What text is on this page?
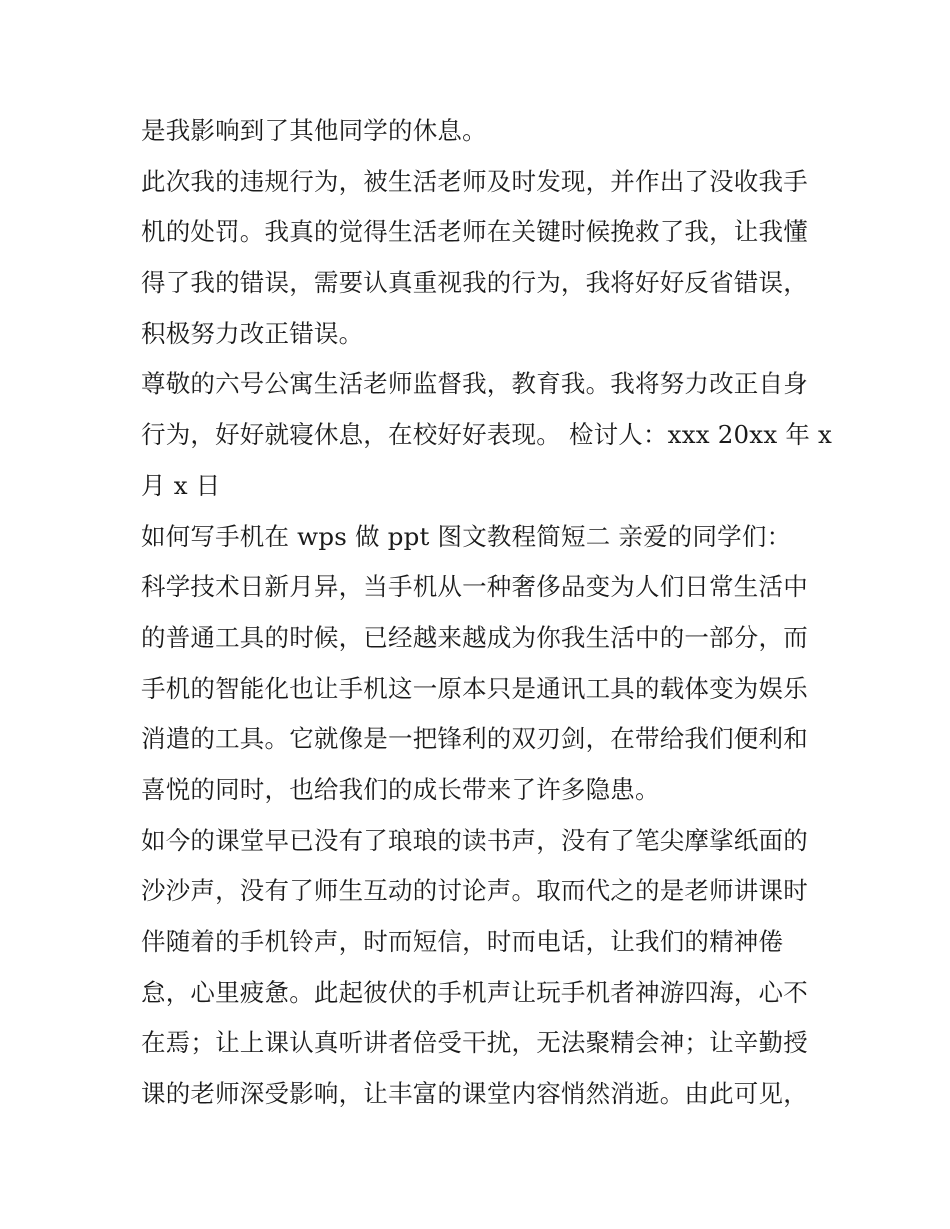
是我影响到了其他同学的休息。
此次我的违规行为，被生活老师及时发现，并作出了没收我手
机的处罚。我真的觉得生活老师在关键时候挽救了我，让我懂
得了我的错误，需要认真重视我的行为，我将好好反省错误，
积极努力改正错误。
尊敬的六号公寓生活老师监督我，教育我。我将努力改正自身
行为，好好就寝休息，在校好好表现。 检讨人：xxx 20xx 年 x
月 x 日
如何写手机在 wps 做 ppt 图文教程简短二 亲爱的同学们：
科学技术日新月异，当手机从一种奢侈品变为人们日常生活中
的普通工具的时候，已经越来越成为你我生活中的一部分，而
手机的智能化也让手机这一原本只是通讯工具的载体变为娱乐
消遣的工具。它就像是一把锋利的双刃剑，在带给我们便利和
喜悦的同时，也给我们的成长带来了许多隐患。
如今的课堂早已没有了琅琅的读书声，没有了笔尖摩挲纸面的
沙沙声，没有了师生互动的讨论声。取而代之的是老师讲课时
伴随着的手机铃声，时而短信，时而电话，让我们的精神倦
怠，心里疲惫。此起彼伏的手机声让玩手机者神游四海，心不
在焉；让上课认真听讲者倍受干扰，无法聚精会神；让辛勤授
课的老师深受影响，让丰富的课堂内容悄然消逝。由此可见，
